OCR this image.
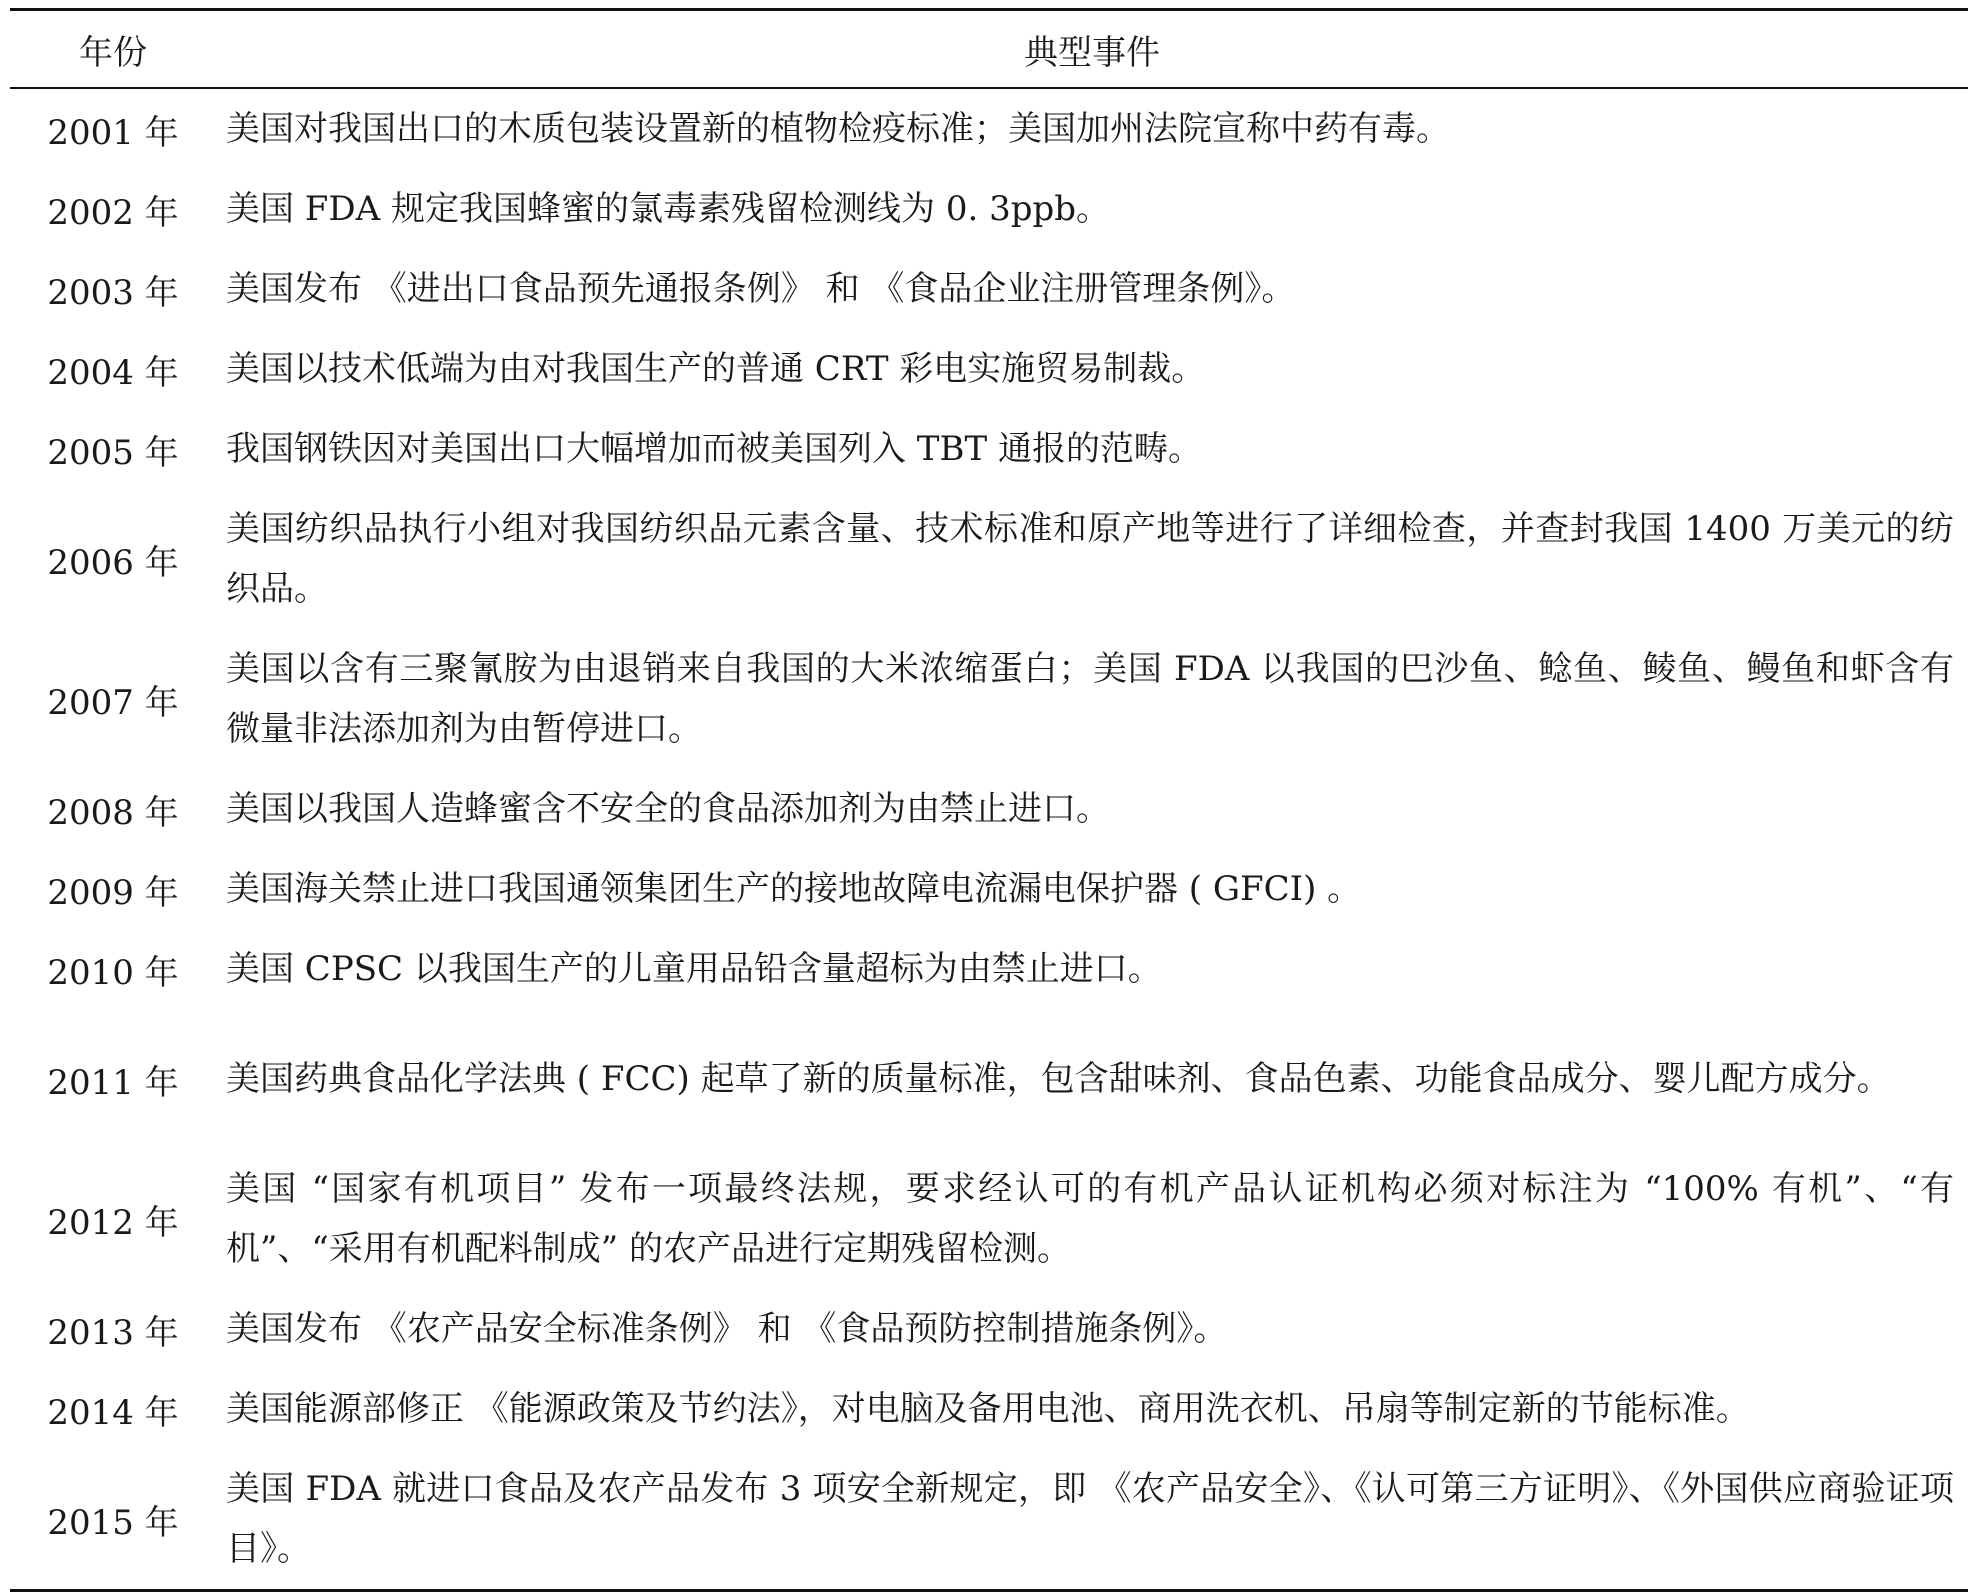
年份	典型事件
2001 年	美国对我国出口的木质包装设置新的植物检疫标准；美国加州法院宣称中药有毒。
2002 年	美国 FDA 规定我国蜂蜜的氯毒素残留检测线为 0. 3ppb。
2003 年	美国发布 《进出口食品预先通报条例》 和 《食品企业注册管理条例》。
2004 年	美国以技术低端为由对我国生产的普通 CRT 彩电实施贸易制裁。
2005 年	我国钢铁因对美国出口大幅增加而被美国列入 TBT 通报的范畴。
2006 年	美国纺织品执行小组对我国纺织品元素含量、技术标准和原产地等进行了详细检查，并查封我国 1400 万美元的纺织品。
2007 年	美国以含有三聚氰胺为由退销来自我国的大米浓缩蛋白；美国 FDA 以我国的巴沙鱼、鲶鱼、鲮鱼、鳗鱼和虾含有微量非法添加剂为由暂停进口。
2008 年	美国以我国人造蜂蜜含不安全的食品添加剂为由禁止进口。
2009 年	美国海关禁止进口我国通领集团生产的接地故障电流漏电保护器 ( GFCI) 。
2010 年	美国 CPSC 以我国生产的儿童用品铅含量超标为由禁止进口。
2011 年	美国药典食品化学法典 ( FCC) 起草了新的质量标准，包含甜味剂、食品色素、功能食品成分、婴儿配方成分。
2012 年	美国 “国家有机项目” 发布一项最终法规，要求经认可的有机产品认证机构必须对标注为 “100% 有机”、“有机”、“采用有机配料制成” 的农产品进行定期残留检测。
2013 年	美国发布 《农产品安全标准条例》 和 《食品预防控制措施条例》。
2014 年	美国能源部修正 《能源政策及节约法》，对电脑及备用电池、商用洗衣机、吊扇等制定新的节能标准。
2015 年	美国 FDA 就进口食品及农产品发布 3 项安全新规定，即 《农产品安全》、《认可第三方证明》、《外国供应商验证项目》。
